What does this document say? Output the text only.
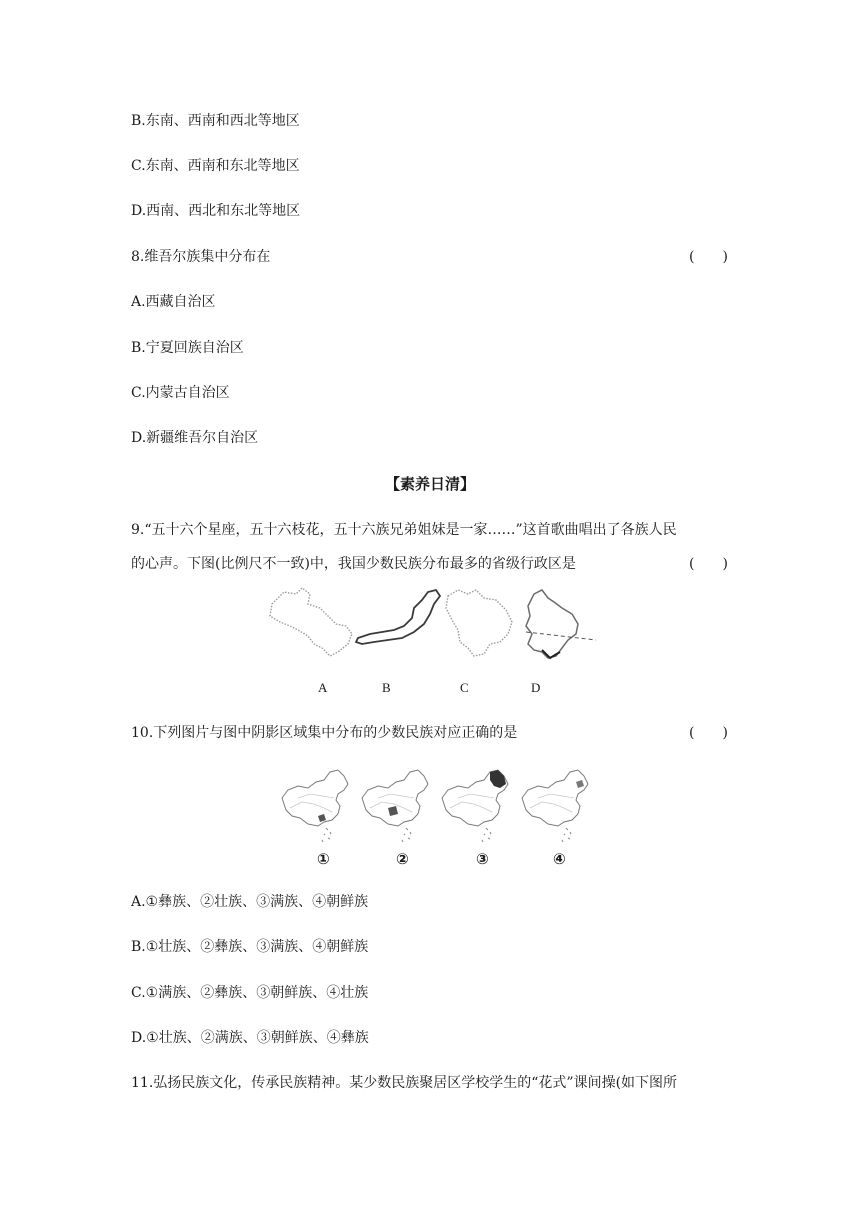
B.东南、西南和西北等地区
C.东南、西南和东北等地区
D.西南、西北和东北等地区
8.维吾尔族集中分布在	(　　)
A.西藏自治区
B.宁夏回族自治区
C.内蒙古自治区
D.新疆维吾尔自治区
【素养日清】
9.“五十六个星座，五十六枝花，五十六族兄弟姐妹是一家……”这首歌曲唱出了各族人民
的心声。下图(比例尺不一致)中，我国少数民族分布最多的省级行政区是	(　　)
A	B	C	D
10.下列图片与图中阴影区域集中分布的少数民族对应正确的是	(　　)
①	②	③	④
A.①彝族、②壮族、③满族、④朝鲜族
B.①壮族、②彝族、③满族、④朝鲜族
C.①满族、②彝族、③朝鲜族、④壮族
D.①壮族、②满族、③朝鲜族、④彝族
11.弘扬民族文化，传承民族精神。某少数民族聚居区学校学生的“花式”课间操(如下图所
